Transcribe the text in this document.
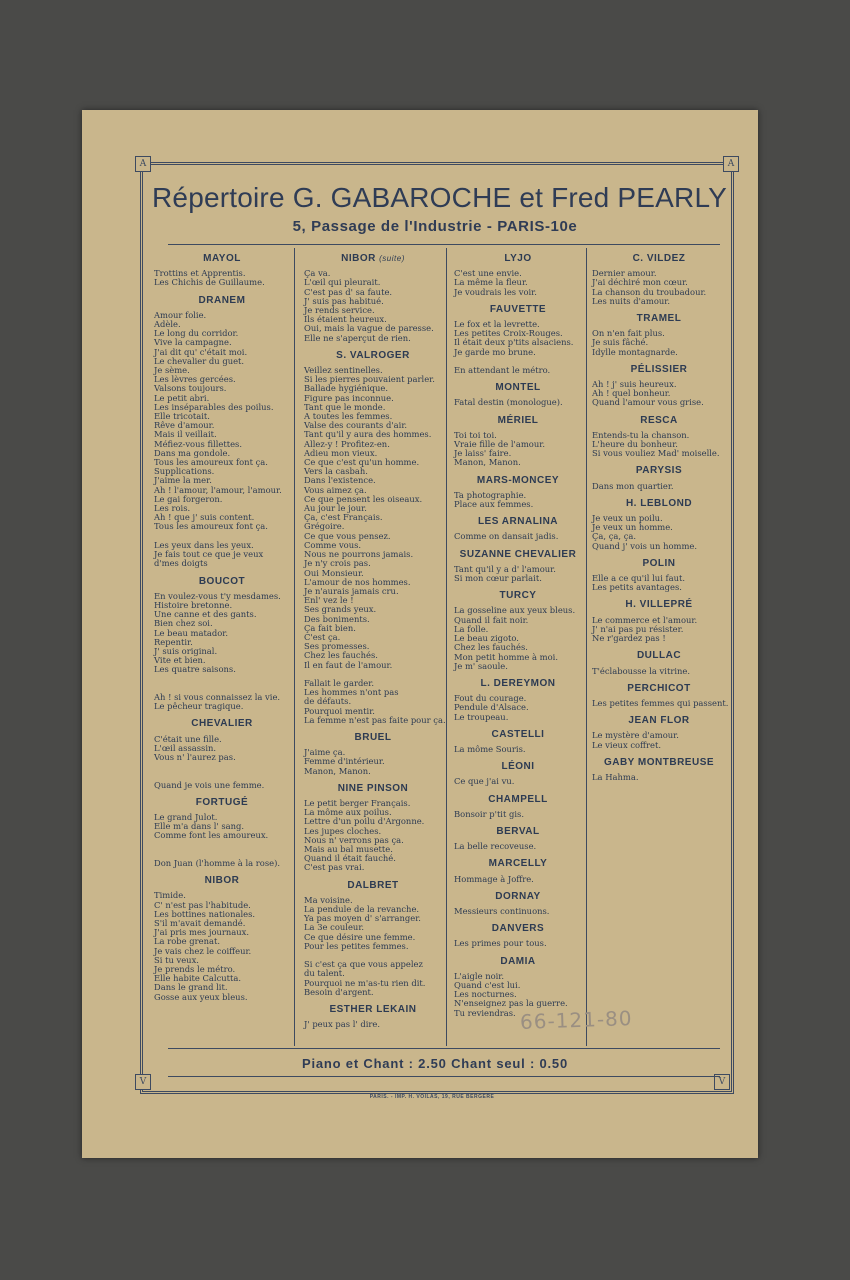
A	A
V	V
Répertoire G. GABAROCHE et Fred PEARLY
5, Passage de l'Industrie - PARIS-10e
MAYOL
Trottins et Apprentis.
Les Chichis de Guillaume.
DRANEM
Amour folie.
Adèle.
Le long du corridor.
Vive la campagne.
J'ai dit qu' c'était moi.
Le chevalier du guet.
Je sème.
Les lèvres gercées.
Valsons toujours.
Le petit abri.
Les inséparables des poilus.
Elle tricotait.
Rêve d'amour.
Mais il veillait.
Méfiez-vous fillettes.
Dans ma gondole.
Tous les amoureux font ça.
Supplications.
J'aime la mer.
Ah ! l'amour, l'amour, l'amour.
Le gai forgeron.
Les rois.
Ah ! que j' suis content.
Tous les amoureux font ça.

Les yeux dans les yeux.
Je fais tout ce que je veux
d'mes doigts
BOUCOT
En voulez-vous t'y mesdames.
Histoire bretonne.
Une canne et des gants.
Bien chez soi.
Le beau matador.
Repentir.
J' suis original.
Vite et bien.
Les quatre saisons.

Ah ! si vous connaissez la vie.
Le pêcheur tragique.
CHEVALIER
C'était une fille.
L'œil assassin.
Vous n' l'aurez pas.

Quand je vois une femme.
FORTUGÉ
Le grand Julot.
Elle m'a dans l' sang.
Comme font les amoureux.

Don Juan (l'homme à la rose).
NIBOR
Timide.
C' n'est pas l'habitude.
Les bottines nationales.
S'il m'avait demandé.
J'ai pris mes journaux.
La robe grenat.
Je vais chez le coiffeur.
Si tu veux.
Je prends le métro.
Elle habite Calcutta.
Dans le grand lit.
Gosse aux yeux bleus.
NIBOR (suite)
Ça va.
L'œil qui pleurait.
C'est pas d' sa faute.
J' suis pas habitué.
Je rends service.
Ils étaient heureux.
Oui, mais la vague de paresse.
Elle ne s'aperçut de rien.
S. VALROGER
Veillez sentinelles.
Si les pierres pouvaient parler.
Ballade hygiénique.
Figure pas inconnue.
Tant que le monde.
A toutes les femmes.
Valse des courants d'air.
Tant qu'il y aura des hommes.
Allez-y ! Profitez-en.
Adieu mon vieux.
Ce que c'est qu'un homme.
Vers la casbah.
Dans l'existence.
Vous aimez ça.
Ce que pensent les oiseaux.
Au jour le jour.
Ça, c'est Français.
Grégoire.
Ce que vous pensez.
Comme vous.
Nous ne pourrons jamais.
Je n'y crois pas.
Oui Monsieur.
L'amour de nos hommes.
Je n'aurais jamais cru.
Enl' vez le !
Ses grands yeux.
Des boniments.
Ça fait bien.
C'est ça.
Ses promesses.
Chez les fauchés.
Il en faut de l'amour.

Fallait le garder.
Les hommes n'ont pas
de défauts.
Pourquoi mentir.
La femme n'est pas faite pour ça.
BRUEL
J'aime ça.
Femme d'intérieur.
Manon, Manon.
NINE PINSON
Le petit berger Français.
La môme aux poilus.
Lettre d'un poilu d'Argonne.
Les jupes cloches.
Nous n' verrons pas ça.
Mais au bal musette.
Quand il était fauché.
C'est pas vrai.
DALBRET
Ma voisine.
La pendule de la revanche.
Ya pas moyen d' s'arranger.
La 3e couleur.
Ce que désire une femme.
Pour les petites femmes.

Si c'est ça que vous appelez
du talent.
Pourquoi ne m'as-tu rien dit.
Besoin d'argent.
ESTHER LEKAIN
J' peux pas l' dire.
LYJO
C'est une envie.
La même la fleur.
Je voudrais les voir.
FAUVETTE
Le fox et la levrette.
Les petites Croix-Rouges.
Il était deux p'tits alsaciens.
Je garde mo brune.

En attendant le métro.
MONTEL
Fatal destin (monologue).
MÉRIEL
Toi toi toi.
Vraie fille de l'amour.
Je laiss' faire.
Manon, Manon.
MARS-MONCEY
Ta photographie.
Place aux femmes.
LES ARNALINA
Comme on dansait jadis.
SUZANNE CHEVALIER
Tant qu'il y a d' l'amour.
Si mon cœur parlait.
TURCY
La gosseline aux yeux bleus.
Quand il fait noir.
La folle.
Le beau zigoto.
Chez les fauchés.
Mon petit homme à moi.
Je m' saoule.
L. DEREYMON
Fout du courage.
Pendule d'Alsace.
Le troupeau.
CASTELLI
La môme Souris.
LÉONI
Ce que j'ai vu.
CHAMPELL
Bonsoir p'tit gis.
BERVAL
La belle recoveuse.
MARCELLY
Hommage à Joffre.
DORNAY
Messieurs continuons.
DANVERS
Les primes pour tous.
DAMIA
L'aigle noir.
Quand c'est lui.
Les nocturnes.
N'enseignez pas la guerre.
Tu reviendras.
C. VILDEZ
Dernier amour.
J'ai déchiré mon cœur.
La chanson du troubadour.
Les nuits d'amour.
TRAMEL
On n'en fait plus.
Je suis fâché.
Idylle montagnarde.
PÉLISSIER
Ah ! j' suis heureux.
Ah ! quel bonheur.
Quand l'amour vous grise.
RESCA
Entends-tu la chanson.
L'heure du bonheur.
Si vous vouliez Mad' moiselle.
PARYSIS
Dans mon quartier.
H. LEBLOND
Je veux un poilu.
Je veux un homme.
Ça, ça, ça.
Quand j' vois un homme.
POLIN
Elle a ce qu'il lui faut.
Les petits avantages.
H. VILLEPRÉ
Le commerce et l'amour.
J' n'ai pas pu résister.
Ne r'gardez pas !
DULLAC
T'éclabousse la vitrine.
PERCHICOT
Les petites femmes qui passent.
JEAN FLOR
Le mystère d'amour.
Le vieux coffret.
GABY MONTBREUSE
La Hahma.
Piano et Chant : 2.50 Chant seul : 0.50
PARIS. - IMP. H. VOILAS, 19, RUE BERGERE
66-121-80
